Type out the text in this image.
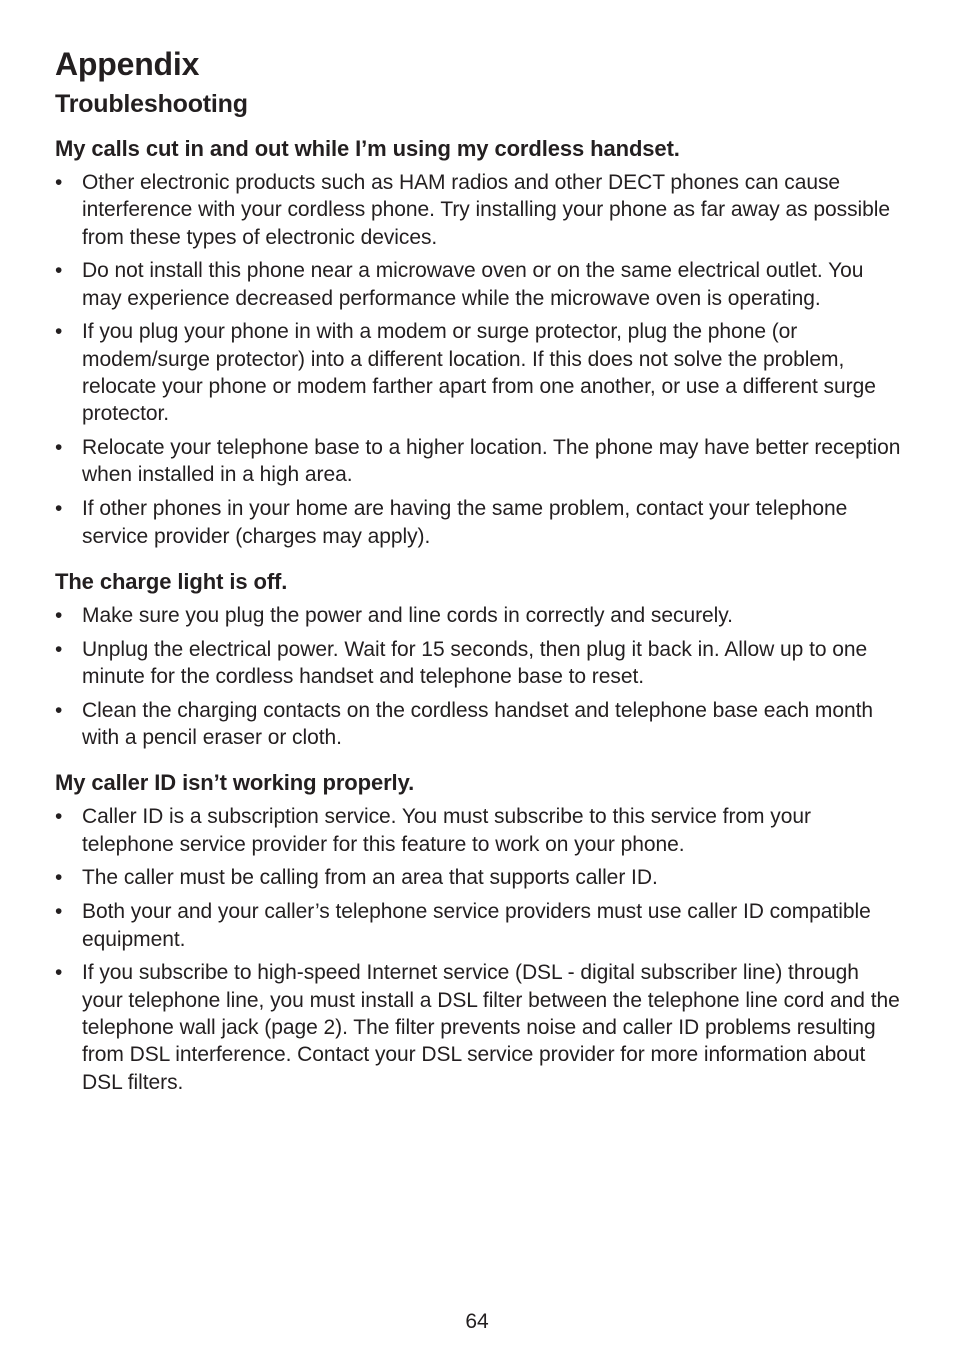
Appendix
Troubleshooting
My calls cut in and out while I’m using my cordless handset.
• Other electronic products such as HAM radios and other DECT phones can cause interference with your cordless phone. Try installing your phone as far away as possible from these types of electronic devices.
• Do not install this phone near a microwave oven or on the same electrical outlet. You may experience decreased performance while the microwave oven is operating.
• If you plug your phone in with a modem or surge protector, plug the phone (or modem/surge protector) into a different location. If this does not solve the problem, relocate your phone or modem farther apart from one another, or use a different surge protector.
• Relocate your telephone base to a higher location. The phone may have better reception when installed in a high area.
• If other phones in your home are having the same problem, contact your telephone service provider (charges may apply).
The charge light is off.
• Make sure you plug the power and line cords in correctly and securely.
• Unplug the electrical power. Wait for 15 seconds, then plug it back in. Allow up to one minute for the cordless handset and telephone base to reset.
• Clean the charging contacts on the cordless handset and telephone base each month with a pencil eraser or cloth.
My caller ID isn’t working properly.
• Caller ID is a subscription service. You must subscribe to this service from your telephone service provider for this feature to work on your phone.
• The caller must be calling from an area that supports caller ID.
• Both your and your caller’s telephone service providers must use caller ID compatible equipment.
• If you subscribe to high-speed Internet service (DSL - digital subscriber line) through your telephone line, you must install a DSL filter between the telephone line cord and the telephone wall jack (page 2). The filter prevents noise and caller ID problems resulting from DSL interference. Contact your DSL service provider for more information about DSL filters.
64
